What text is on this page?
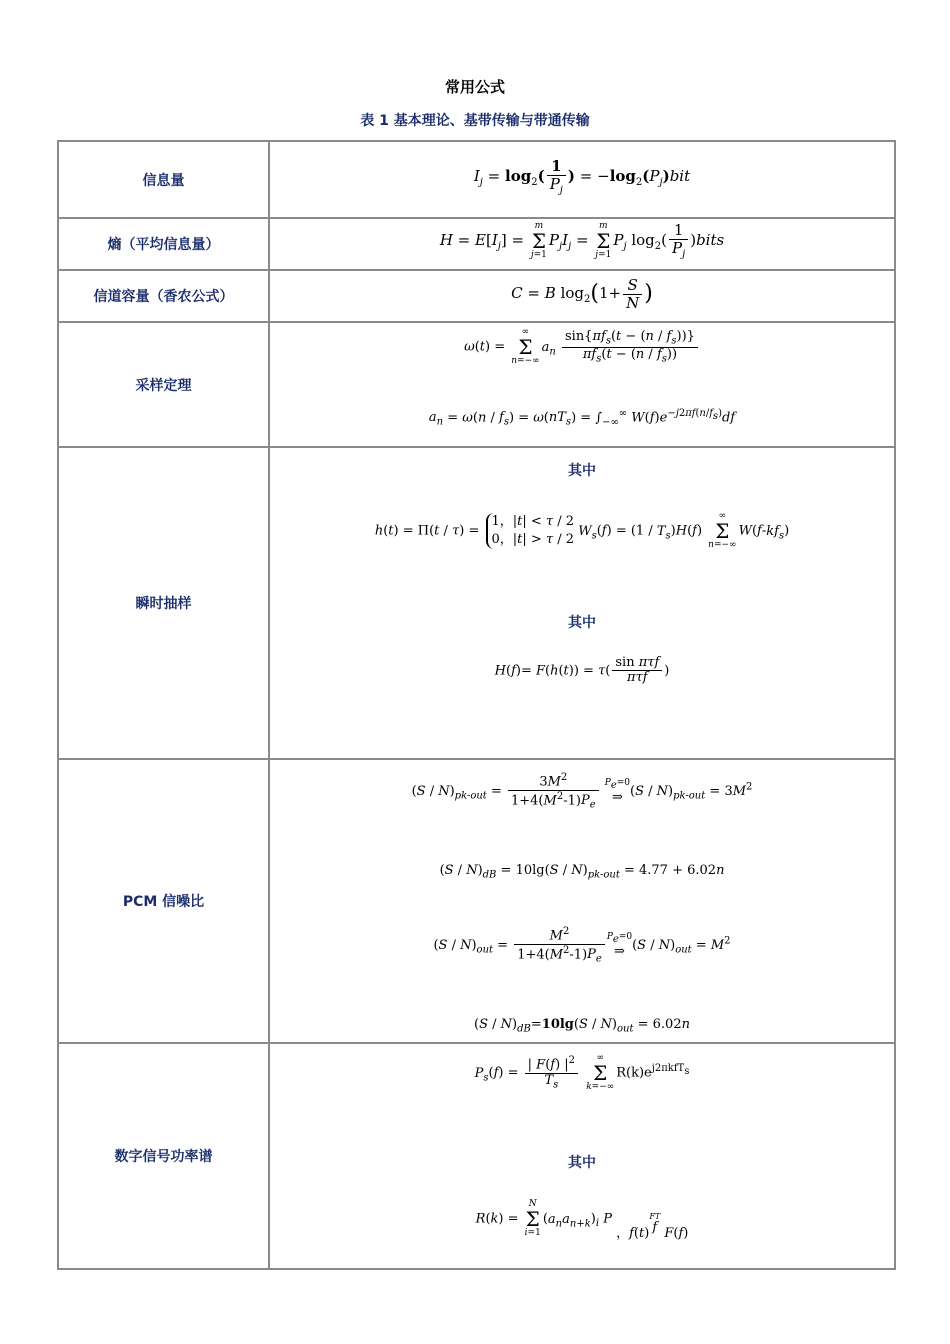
常用公式
表 1 基本理论、基带传输与带通传输
信息量
熵（平均信息量）
信道容量（香农公式）
采样定理
瞬时抽样
PCM 信噪比
数字信号功率谱
$I_j = \log_2( \frac{1}{P_j}$ ) = $-\log_2(P_j)bit$
$H = E[I_j]$ =
m
Σ
j=1
$P_jI_j$ =
m
Σ
j=1
$P_j$ $\log_2( \frac{1}{P_j}$ )bits
C = B $\log_2(1+ \frac{S}{N}$ )
ω(t) =
∞
Σ
n=−∞
$a_n \frac{\sin\{\pi f_s(t - (n / f_s))\}}{\pi f_s(t - (n / f_s))}$
$a_n = \omega(n / f_s) = \omega(nT_s) = \int_{-\infty}^\infty$ $W(f)e^{-j2\pi f(n/f_s)}df$
其中
h(t) = Π(t / τ) =
1，|t| < τ / 2
0，|t| > τ / 2
$W_s(f) = (1 / T_s)H(f)$
∞
Σ
n=−∞
$W(f-kf_s)$
其中
$H(f)= F(h(t)) = \tau( \frac{\text{sin πτf}}{\text{πτf}}$ )
$(S / N)_{pk-out} = \frac{3M^2}{1+4(M^2-1)P_e}$
$P_e=0$
⇒ $(S / N)_{pk-out} = 3M^2$
$(S / N)_{dB} = 10\lg(S / N)_{pk-out} = 4.77 + 6.02n$
$(S / N)_{out} = \frac{M^2}{1+4(M^2-1)P_e} P_e=0$
⇒ $(S / N)_{out} = M^2$
$(S / N)_{dB}=10\lg(S / N)_{out} = 6.02n$
$P_s(f) = \frac{| F(f) |^2}{T_s}$
	∞
Σ
k=−∞
$R(k)e^{j2\pi kfT_s}$
其中
R(k) =
N
Σ
i=1
$(a_na_{n+k})_i$ P ，f(t)
FT
f F(f)
